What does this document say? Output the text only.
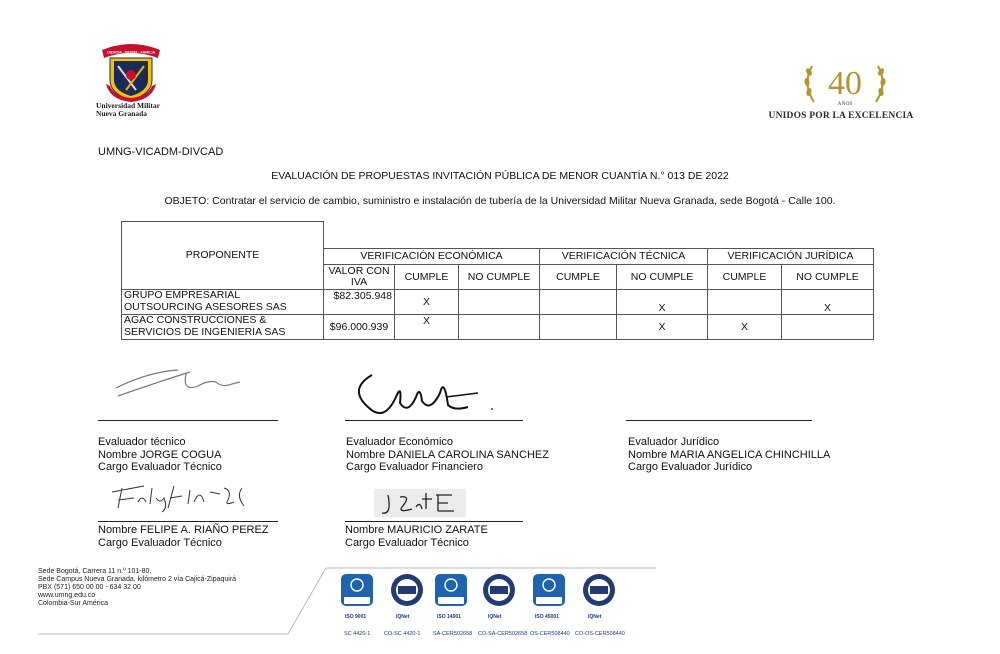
CIENCIA · PATRIA · FAMILIA
Universidad Militar
Nueva Granada
40
AÑOS
UNIDOS POR LA EXCELENCIA
UMNG-VICADM-DIVCAD
EVALUACIÓN DE PROPUESTAS INVITACIÓN PÚBLICA DE MENOR CUANTÍA N.° 013 DE 2022
OBJETO: Contratar el servicio de cambio, suministro e instalación de tubería de la Universidad Militar Nueva Granada, sede Bogotá - Calle 100.
PROPONENTE							
	VERIFICACIÓN ECONÓMICA			VERIFICACIÓN TÉCNICA		VERIFICACIÓN JURÍDICA	
	VALOR CON IVA	CUMPLE	NO CUMPLE	CUMPLE	NO CUMPLE	CUMPLE	NO CUMPLE
GRUPO EMPRESARIAL OUTSOURCING ASESORES SAS	$82.305.948	X			X		X
AGAC CONSTRUCCIONES & SERVICIOS DE INGENIERIA SAS	$96.000.939	X			X	X	
Evaluador técnico
Nombre JORGE COGUA
Cargo Evaluador Técnico
Evaluador Económico
Nombre DANIELA CAROLINA SANCHEZ
Cargo Evaluador Financiero
Evaluador Jurídico
Nombre MARIA ANGELICA CHINCHILLA
Cargo Evaluador Jurídico
Nombre FELIPE A. RIAÑO PEREZ
Cargo Evaluador Técnico
Nombre MAURICIO ZARATE
Cargo Evaluador Técnico
Sede Bogotá, Carrera 11 n.º 101-80,
Sede Campus Nueva Granada, kilómetro 2 vía Cajicá-Zipaquirá
PBX (571) 650 00 00 - 634 32 00
www.umng.edu.co
Colombia-Sur América
ISO 9001	IQNet	ISO 14001	IQNet	ISO 45001	IQNet
SC 4420-1 CO-SC 4420-1 SA-CER502658 CO-SA-CER502658 OS-CER508440 CO-OS-CER508440
